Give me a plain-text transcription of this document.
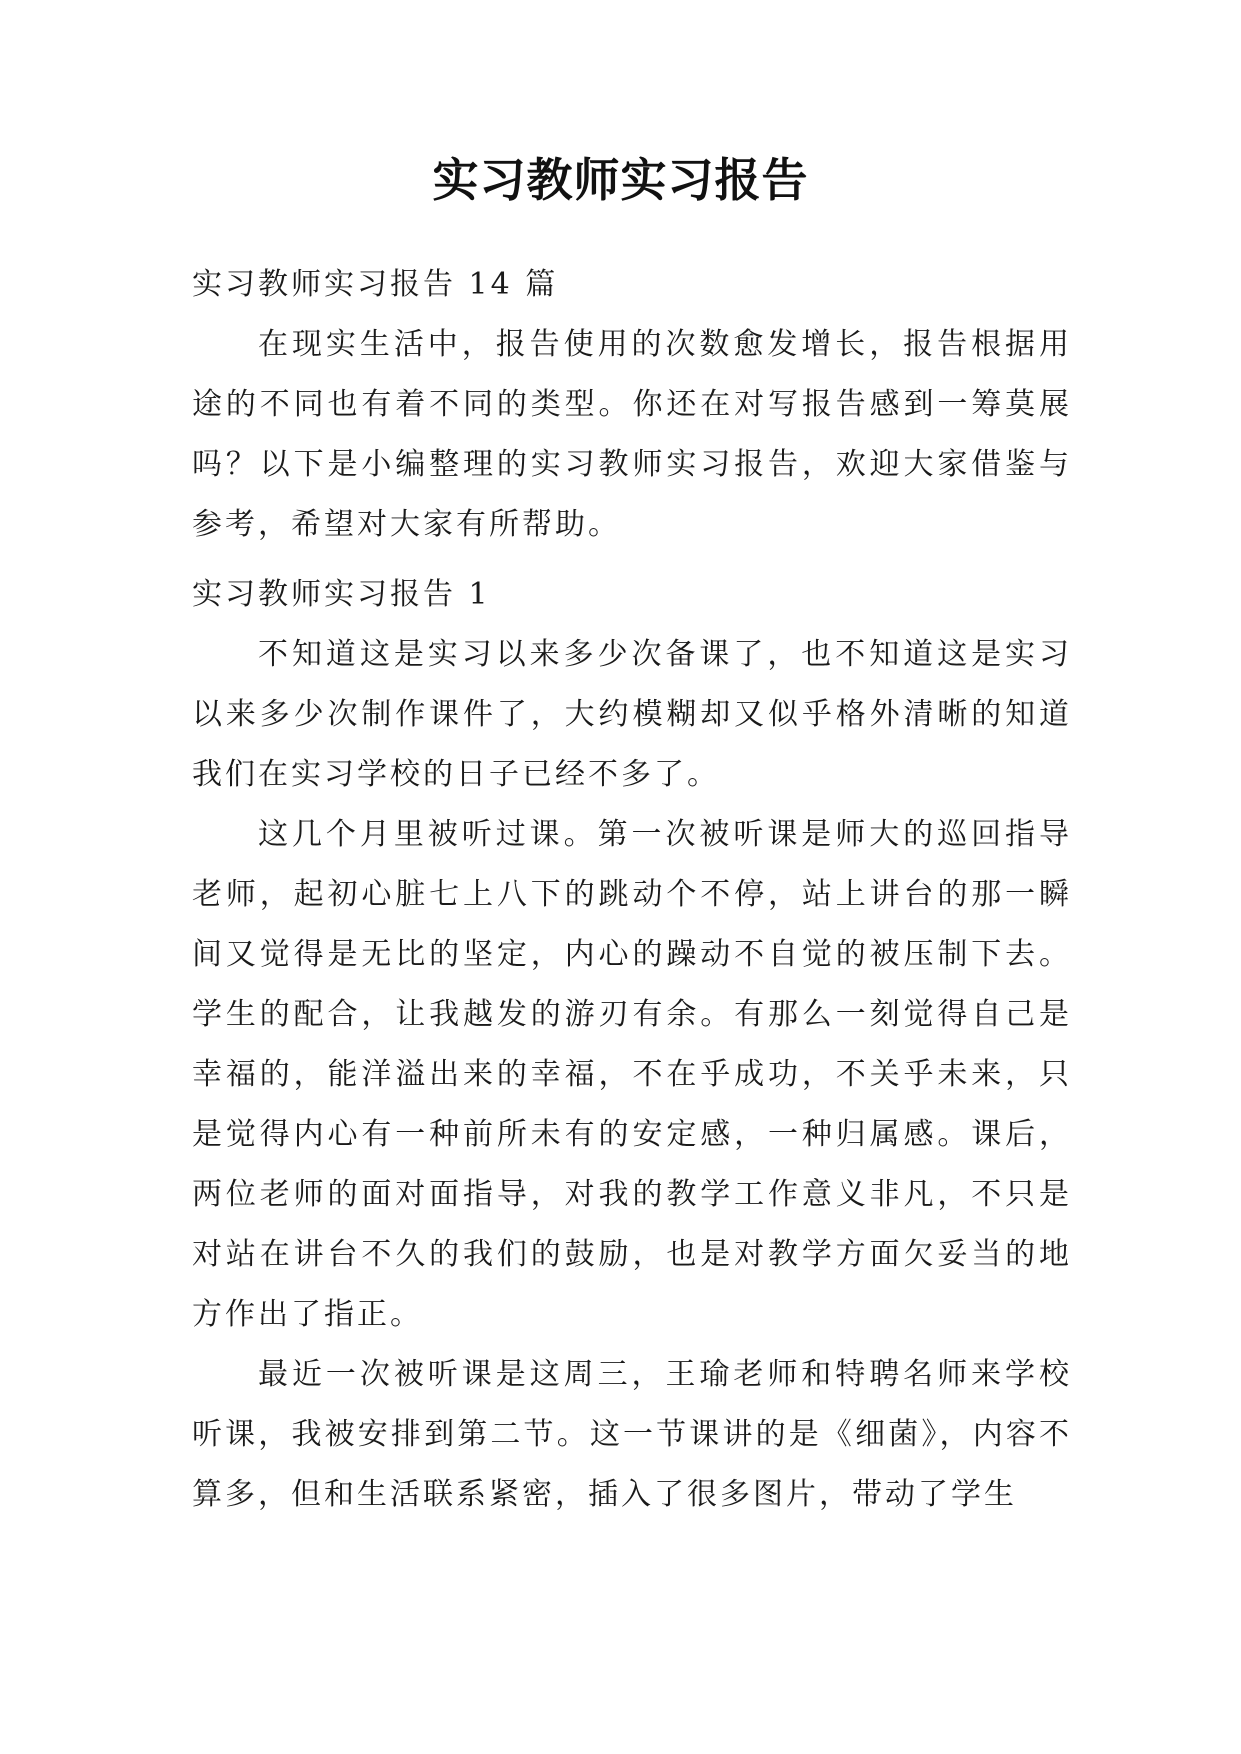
实习教师实习报告

实习教师实习报告 14 篇

在现实生活中，报告使用的次数愈发增长，报告根据用途的不同也有着不同的类型。你还在对写报告感到一筹莫展吗？以下是小编整理的实习教师实习报告，欢迎大家借鉴与参考，希望对大家有所帮助。

实习教师实习报告 1

不知道这是实习以来多少次备课了，也不知道这是实习以来多少次制作课件了，大约模糊却又似乎格外清晰的知道我们在实习学校的日子已经不多了。

这几个月里被听过课。第一次被听课是师大的巡回指导老师，起初心脏七上八下的跳动个不停，站上讲台的那一瞬间又觉得是无比的坚定，内心的躁动不自觉的被压制下去。学生的配合，让我越发的游刃有余。有那么一刻觉得自己是幸福的，能洋溢出来的幸福，不在乎成功，不关乎未来，只是觉得内心有一种前所未有的安定感，一种归属感。课后，两位老师的面对面指导，对我的教学工作意义非凡，不只是对站在讲台不久的我们的鼓励，也是对教学方面欠妥当的地方作出了指正。

最近一次被听课是这周三，王瑜老师和特聘名师来学校听课，我被安排到第二节。这一节课讲的是《细菌》，内容不算多，但和生活联系紧密，插入了很多图片，带动了学生
